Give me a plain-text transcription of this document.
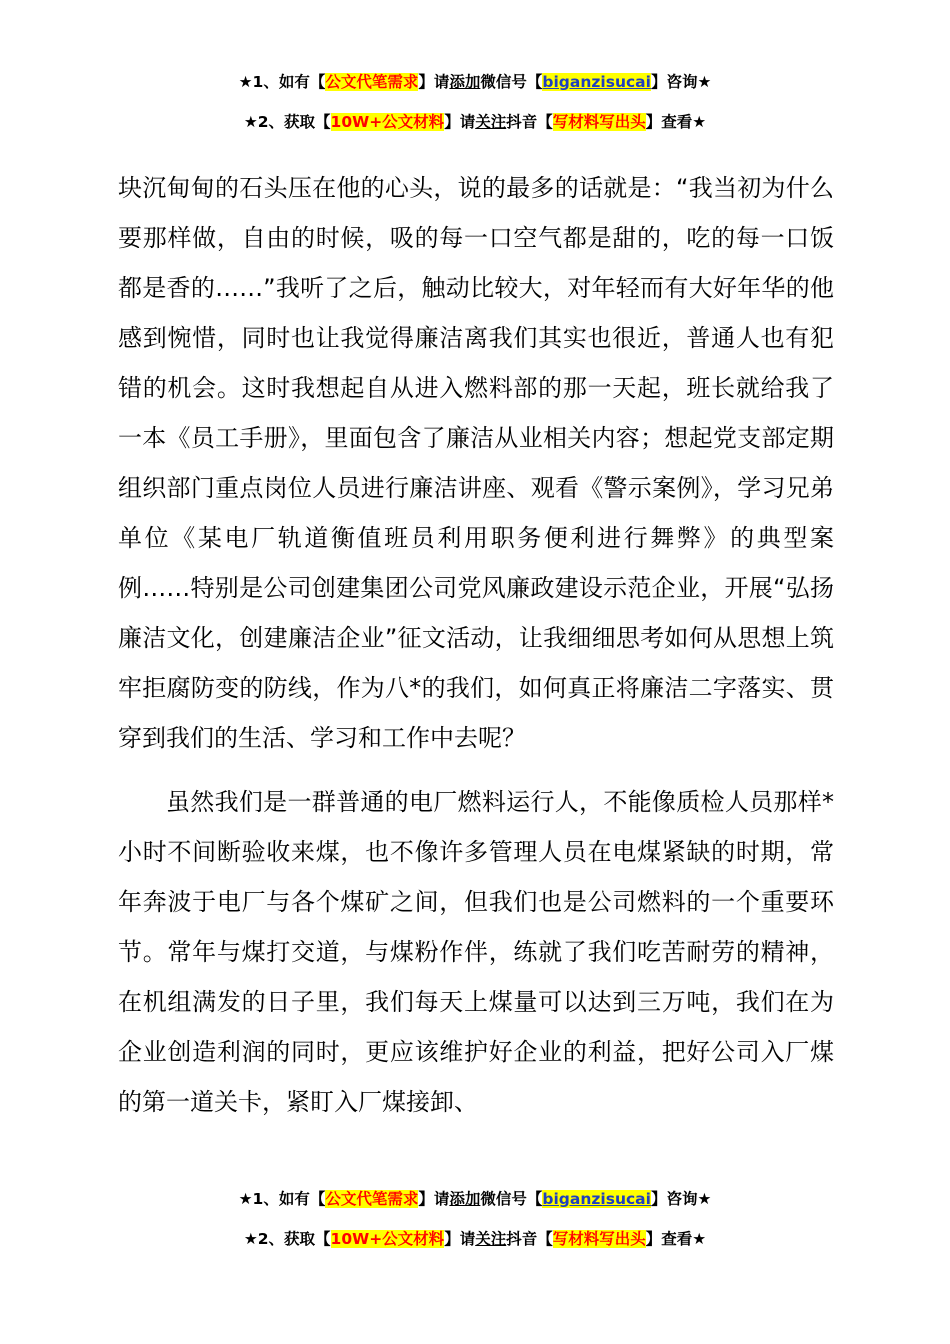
★1、如有【公文代笔需求】请添加微信号【biganzisucai】咨询★

★2、获取【10W+公文材料】请关注抖音【写材料写出头】查看★

块沉甸甸的石头压在他的心头，说的最多的话就是：“我当初为什么要那样做，自由的时候，吸的每一口空气都是甜的，吃的每一口饭都是香的……”我听了之后，触动比较大，对年轻而有大好年华的他感到惋惜，同时也让我觉得廉洁离我们其实也很近，普通人也有犯错的机会。这时我想起自从进入燃料部的那一天起，班长就给我了一本《员工手册》，里面包含了廉洁从业相关内容；想起党支部定期组织部门重点岗位人员进行廉洁讲座、观看《警示案例》，学习兄弟单位《某电厂轨道衡值班员利用职务便利进行舞弊》的典型案例……特别是公司创建集团公司党风廉政建设示范企业，开展“弘扬廉洁文化，创建廉洁企业”征文活动，让我细细思考如何从思想上筑牢拒腐防变的防线，作为八*的我们，如何真正将廉洁二字落实、贯穿到我们的生活、学习和工作中去呢？

虽然我们是一群普通的电厂燃料运行人，不能像质检人员那样*小时不间断验收来煤，也不像许多管理人员在电煤紧缺的时期，常年奔波于电厂与各个煤矿之间，但我们也是公司燃料的一个重要环节。常年与煤打交道，与煤粉作伴，练就了我们吃苦耐劳的精神，在机组满发的日子里，我们每天上煤量可以达到三万吨，我们在为企业创造利润的同时，更应该维护好企业的利益，把好公司入厂煤的第一道关卡，紧盯入厂煤接卸、

★1、如有【公文代笔需求】请添加微信号【biganzisucai】咨询★

★2、获取【10W+公文材料】请关注抖音【写材料写出头】查看★
